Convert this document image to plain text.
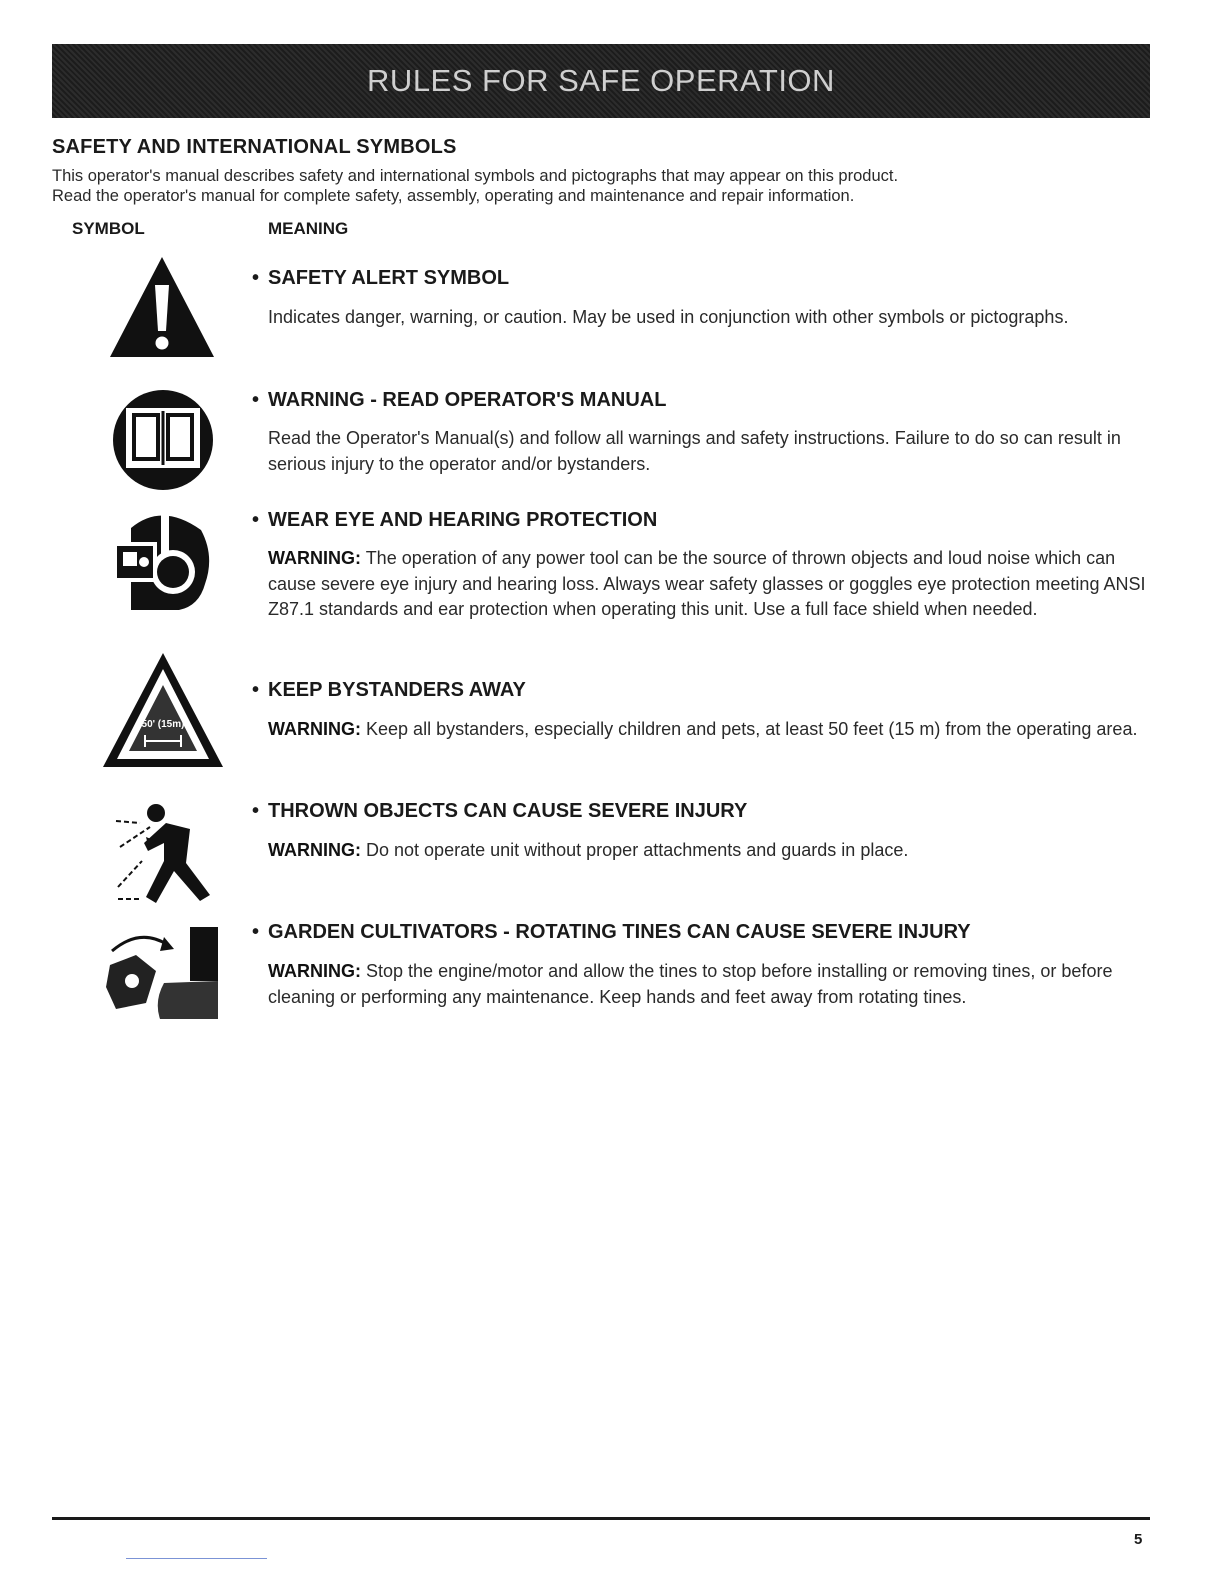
RULES FOR SAFE OPERATION
SAFETY AND INTERNATIONAL SYMBOLS

This operator's manual describes safety and international symbols and pictographs that may appear on this product.

Read the operator's manual for complete safety, assembly, operating and maintenance and repair information.

SYMBOL	MEANING
• SAFETY ALERT SYMBOL
Indicates danger, warning, or caution. May be used in conjunction with other symbols or pictographs.
• WARNING - READ OPERATOR'S MANUAL
Read the Operator's Manual(s) and follow all warnings and safety instructions. Failure to do so can result in serious injury to the operator and/or bystanders.
• WEAR EYE AND HEARING PROTECTION
WARNING: The operation of any power tool can be the source of thrown objects and loud noise which can cause severe eye injury and hearing loss. Always wear safety glasses or goggles eye protection meeting ANSI Z87.1 standards and ear protection when operating this unit. Use a full face shield when needed.
50' (15m)
• KEEP BYSTANDERS AWAY
WARNING: Keep all bystanders, especially children and pets, at least 50 feet (15 m) from the operating area.
• THROWN OBJECTS CAN CAUSE SEVERE INJURY
WARNING: Do not operate unit without proper attachments and guards in place.
• GARDEN CULTIVATORS - ROTATING TINES CAN CAUSE SEVERE INJURY
WARNING: Stop the engine/motor and allow the tines to stop before installing or removing tines, or before cleaning or performing any maintenance. Keep hands and feet away from rotating tines.
5
